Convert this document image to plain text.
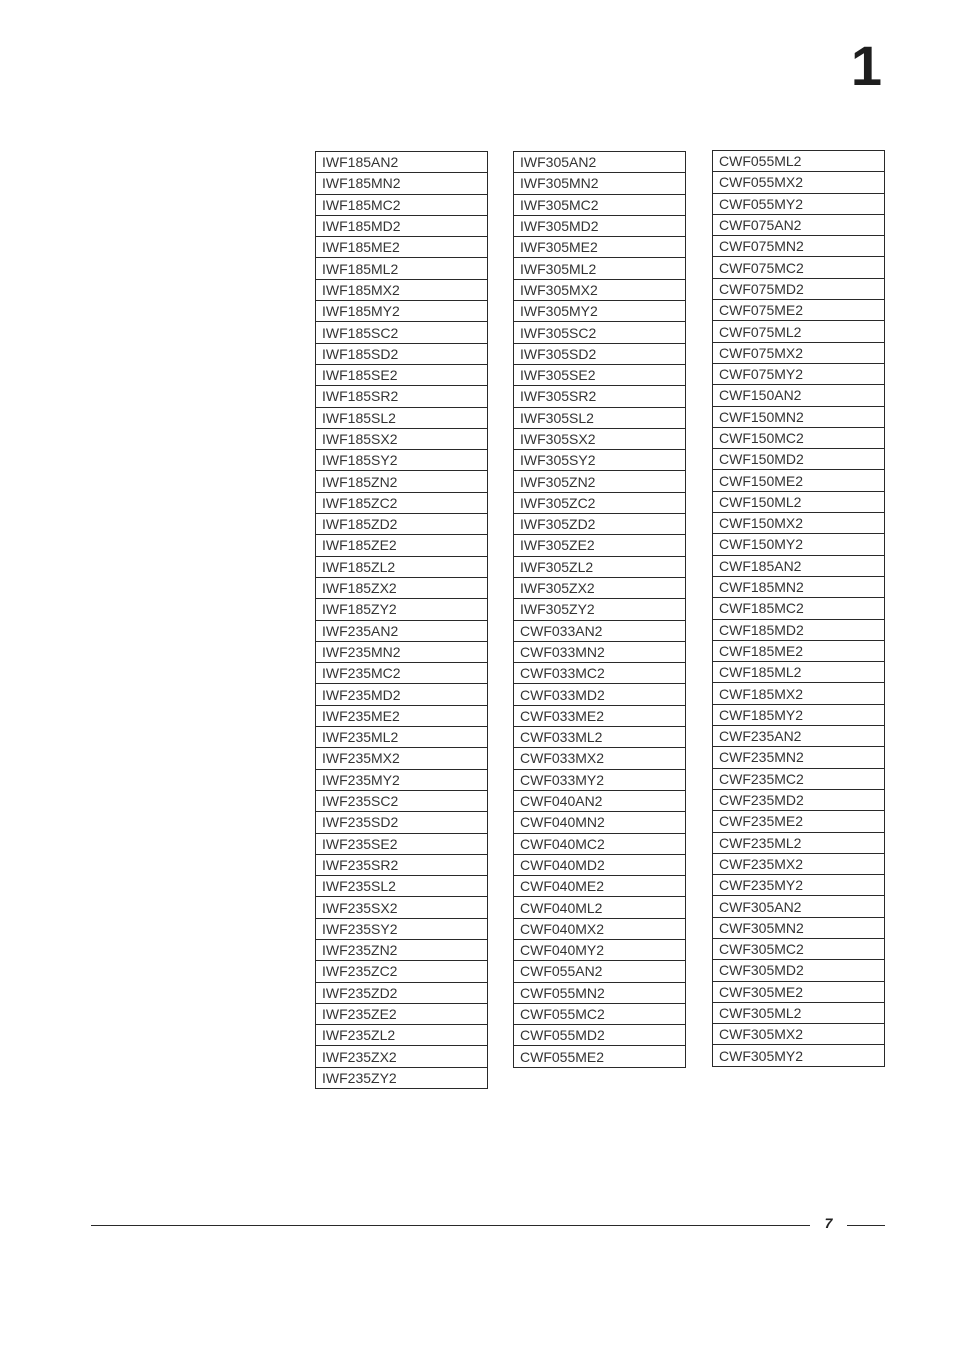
1
IWF185AN2
IWF185MN2
IWF185MC2
IWF185MD2
IWF185ME2
IWF185ML2
IWF185MX2
IWF185MY2
IWF185SC2
IWF185SD2
IWF185SE2
IWF185SR2
IWF185SL2
IWF185SX2
IWF185SY2
IWF185ZN2
IWF185ZC2
IWF185ZD2
IWF185ZE2
IWF185ZL2
IWF185ZX2
IWF185ZY2
IWF235AN2
IWF235MN2
IWF235MC2
IWF235MD2
IWF235ME2
IWF235ML2
IWF235MX2
IWF235MY2
IWF235SC2
IWF235SD2
IWF235SE2
IWF235SR2
IWF235SL2
IWF235SX2
IWF235SY2
IWF235ZN2
IWF235ZC2
IWF235ZD2
IWF235ZE2
IWF235ZL2
IWF235ZX2
IWF235ZY2
IWF305AN2
IWF305MN2
IWF305MC2
IWF305MD2
IWF305ME2
IWF305ML2
IWF305MX2
IWF305MY2
IWF305SC2
IWF305SD2
IWF305SE2
IWF305SR2
IWF305SL2
IWF305SX2
IWF305SY2
IWF305ZN2
IWF305ZC2
IWF305ZD2
IWF305ZE2
IWF305ZL2
IWF305ZX2
IWF305ZY2
CWF033AN2
CWF033MN2
CWF033MC2
CWF033MD2
CWF033ME2
CWF033ML2
CWF033MX2
CWF033MY2
CWF040AN2
CWF040MN2
CWF040MC2
CWF040MD2
CWF040ME2
CWF040ML2
CWF040MX2
CWF040MY2
CWF055AN2
CWF055MN2
CWF055MC2
CWF055MD2
CWF055ME2
CWF055ML2
CWF055MX2
CWF055MY2
CWF075AN2
CWF075MN2
CWF075MC2
CWF075MD2
CWF075ME2
CWF075ML2
CWF075MX2
CWF075MY2
CWF150AN2
CWF150MN2
CWF150MC2
CWF150MD2
CWF150ME2
CWF150ML2
CWF150MX2
CWF150MY2
CWF185AN2
CWF185MN2
CWF185MC2
CWF185MD2
CWF185ME2
CWF185ML2
CWF185MX2
CWF185MY2
CWF235AN2
CWF235MN2
CWF235MC2
CWF235MD2
CWF235ME2
CWF235ML2
CWF235MX2
CWF235MY2
CWF305AN2
CWF305MN2
CWF305MC2
CWF305MD2
CWF305ME2
CWF305ML2
CWF305MX2
CWF305MY2
7
